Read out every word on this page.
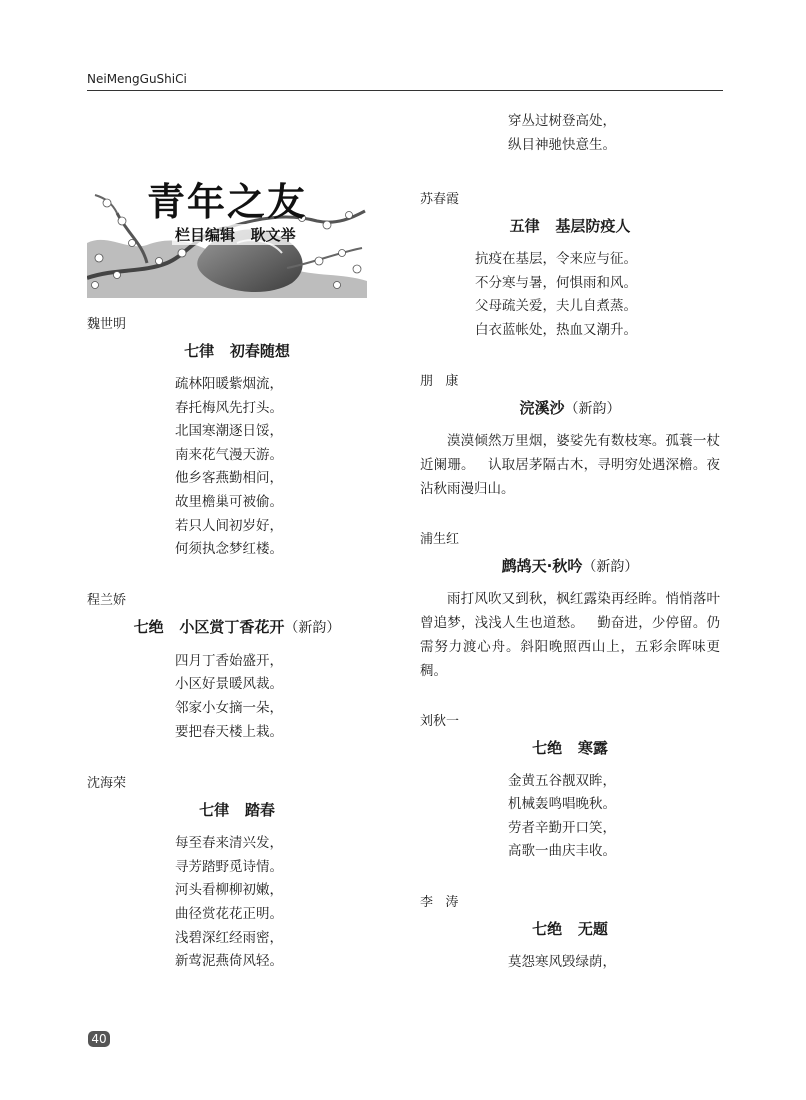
NeiMengGuShiCi
青年之友
栏目编辑   耿文举

魏世明

七律   初春随想

疏林阳暖紫烟流，

春托梅风先打头。

北国寒潮逐日馁，

南来花气漫天游。

他乡客燕勤相问，

故里檐巢可被偷。

若只人间初岁好，

何须执念梦红楼。

程兰娇

七绝   小区赏丁香花开（新韵）

四月丁香始盛开，

小区好景暖风裁。

邻家小女摘一朵，

要把春天楼上栽。

沈海荣

七律   踏春

每至春来清兴发，

寻芳踏野觅诗情。

河头看柳柳初嫩，

曲径赏花花正明。

浅碧深红经雨密，

新莺泥燕倚风轻。

穿丛过树登高处，

纵目神驰快意生。

苏春霞

五律   基层防疫人

抗疫在基层，令来应与征。

不分寒与暑，何惧雨和风。

父母疏关爱，夫儿自煮蒸。

白衣蓝帐处，热血又潮升。

朋   康

浣溪沙（新韵）

漠漠倾然万里烟，婆娑先有数枝寒。孤蓑一杖近阑珊。   认取居茅隔古木，寻明穷处遇深檐。夜沾秋雨漫归山。

浦生红

鹧鸪天·秋吟（新韵）

雨打风吹又到秋，枫红露染再经眸。悄悄落叶曾追梦，浅浅人生也道愁。   勤奋进，少停留。仍需努力渡心舟。斜阳晚照西山上，五彩余晖味更稠。

刘秋一

七绝   寒露

金黄五谷靓双眸，

机械轰鸣唱晚秋。

劳者辛勤开口笑，

高歌一曲庆丰收。

李   涛

七绝   无题

莫怨寒风毁绿荫，

40
